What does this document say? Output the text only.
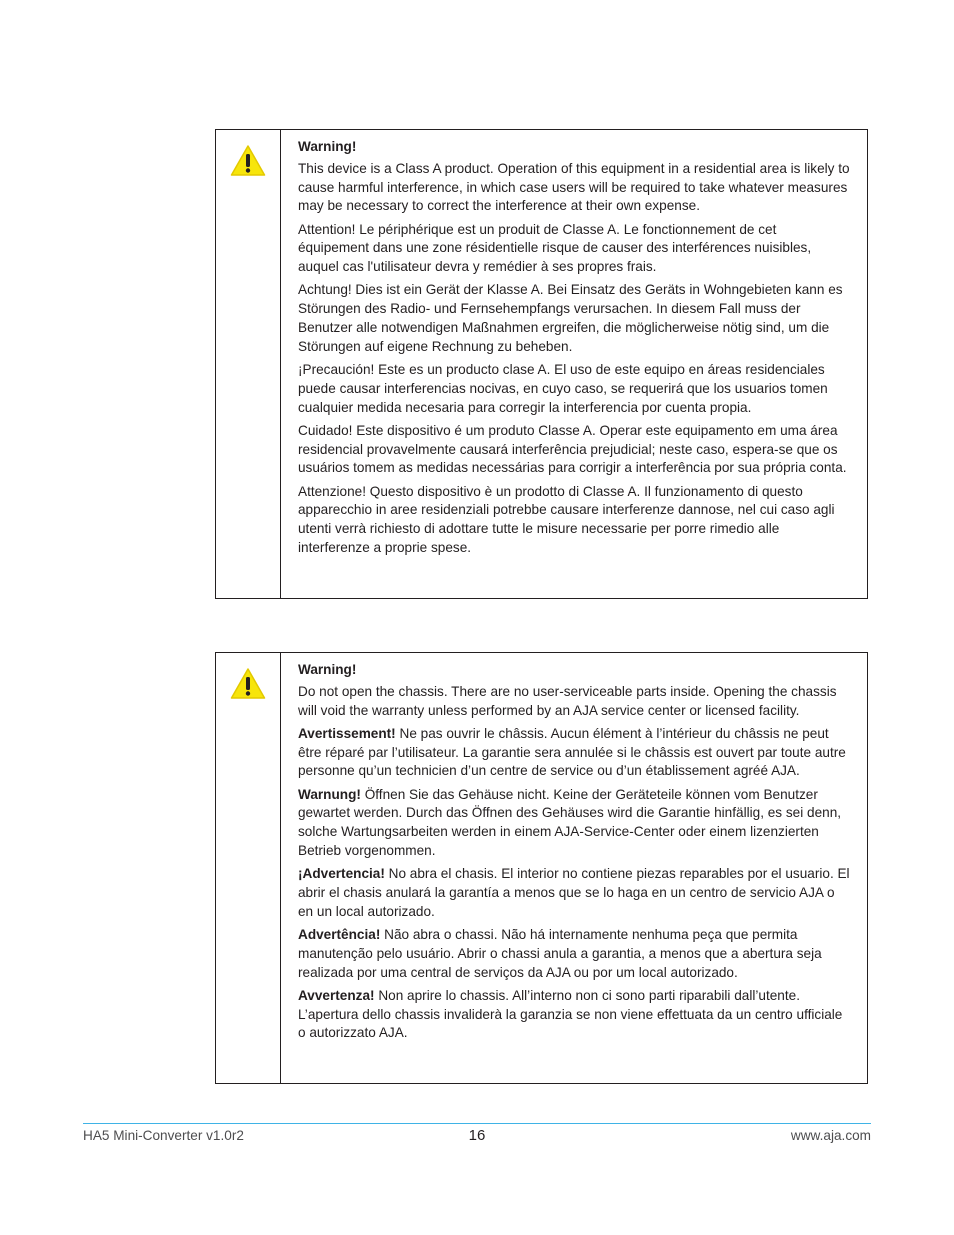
Warning!

This device is a Class A product. Operation of this equipment in a residential area is likely to cause harmful interference, in which case users will be required to take whatever measures may be necessary to correct the interference at their own expense.

Attention! Le périphérique est un produit de Classe A. Le fonctionnement de cet équipement dans une zone résidentielle risque de causer des interférences nuisibles, auquel cas l'utilisateur devra y remédier à ses propres frais.

Achtung! Dies ist ein Gerät der Klasse A. Bei Einsatz des Geräts in Wohngebieten kann es Störungen des Radio- und Fernsehempfangs verursachen. In diesem Fall muss der Benutzer alle notwendigen Maßnahmen ergreifen, die möglicherweise nötig sind, um die Störungen auf eigene Rechnung zu beheben.

¡Precaución! Este es un producto clase A. El uso de este equipo en áreas residenciales puede causar interferencias nocivas, en cuyo caso, se requerirá que los usuarios tomen cualquier medida necesaria para corregir la interferencia por cuenta propia.

Cuidado! Este dispositivo é um produto Classe A. Operar este equipamento em uma área residencial provavelmente causará interferência prejudicial; neste caso, espera-se que os usuários tomem as medidas necessárias para corrigir a interferência por sua própria conta.

Attenzione! Questo dispositivo è un prodotto di Classe A. Il funzionamento di questo apparecchio in aree residenziali potrebbe causare interferenze dannose, nel cui caso agli utenti verrà richiesto di adottare tutte le misure necessarie per porre rimedio alle interferenze a proprie spese.

Warning!

Do not open the chassis. There are no user-serviceable parts inside. Opening the chassis will void the warranty unless performed by an AJA service center or licensed facility.

Avertissement! Ne pas ouvrir le châssis. Aucun élément à l’intérieur du châssis ne peut être réparé par l’utilisateur. La garantie sera annulée si le châssis est ouvert par toute autre personne qu’un technicien d’un centre de service ou d’un établissement agréé AJA.

Warnung! Öffnen Sie das Gehäuse nicht. Keine der Geräteteile können vom Benutzer gewartet werden. Durch das Öffnen des Gehäuses wird die Garantie hinfällig, es sei denn, solche Wartungsarbeiten werden in einem AJA-Service-Center oder einem lizenzierten Betrieb vorgenommen.

¡Advertencia! No abra el chasis. El interior no contiene piezas reparables por el usuario. El abrir el chasis anulará la garantía a menos que se lo haga en un centro de servicio AJA o en un local autorizado.

Advertência! Não abra o chassi. Não há internamente nenhuma peça que permita manutenção pelo usuário. Abrir o chassi anula a garantia, a menos que a abertura seja realizada por uma central de serviços da AJA ou por um local autorizado.

Avvertenza! Non aprire lo chassis. All’interno non ci sono parti riparabili dall’utente. L’apertura dello chassis invaliderà la garanzia se non viene effettuata da un centro ufficiale o autorizzato AJA.

HA5 Mini-Converter v1.0r2	16	www.aja.com
